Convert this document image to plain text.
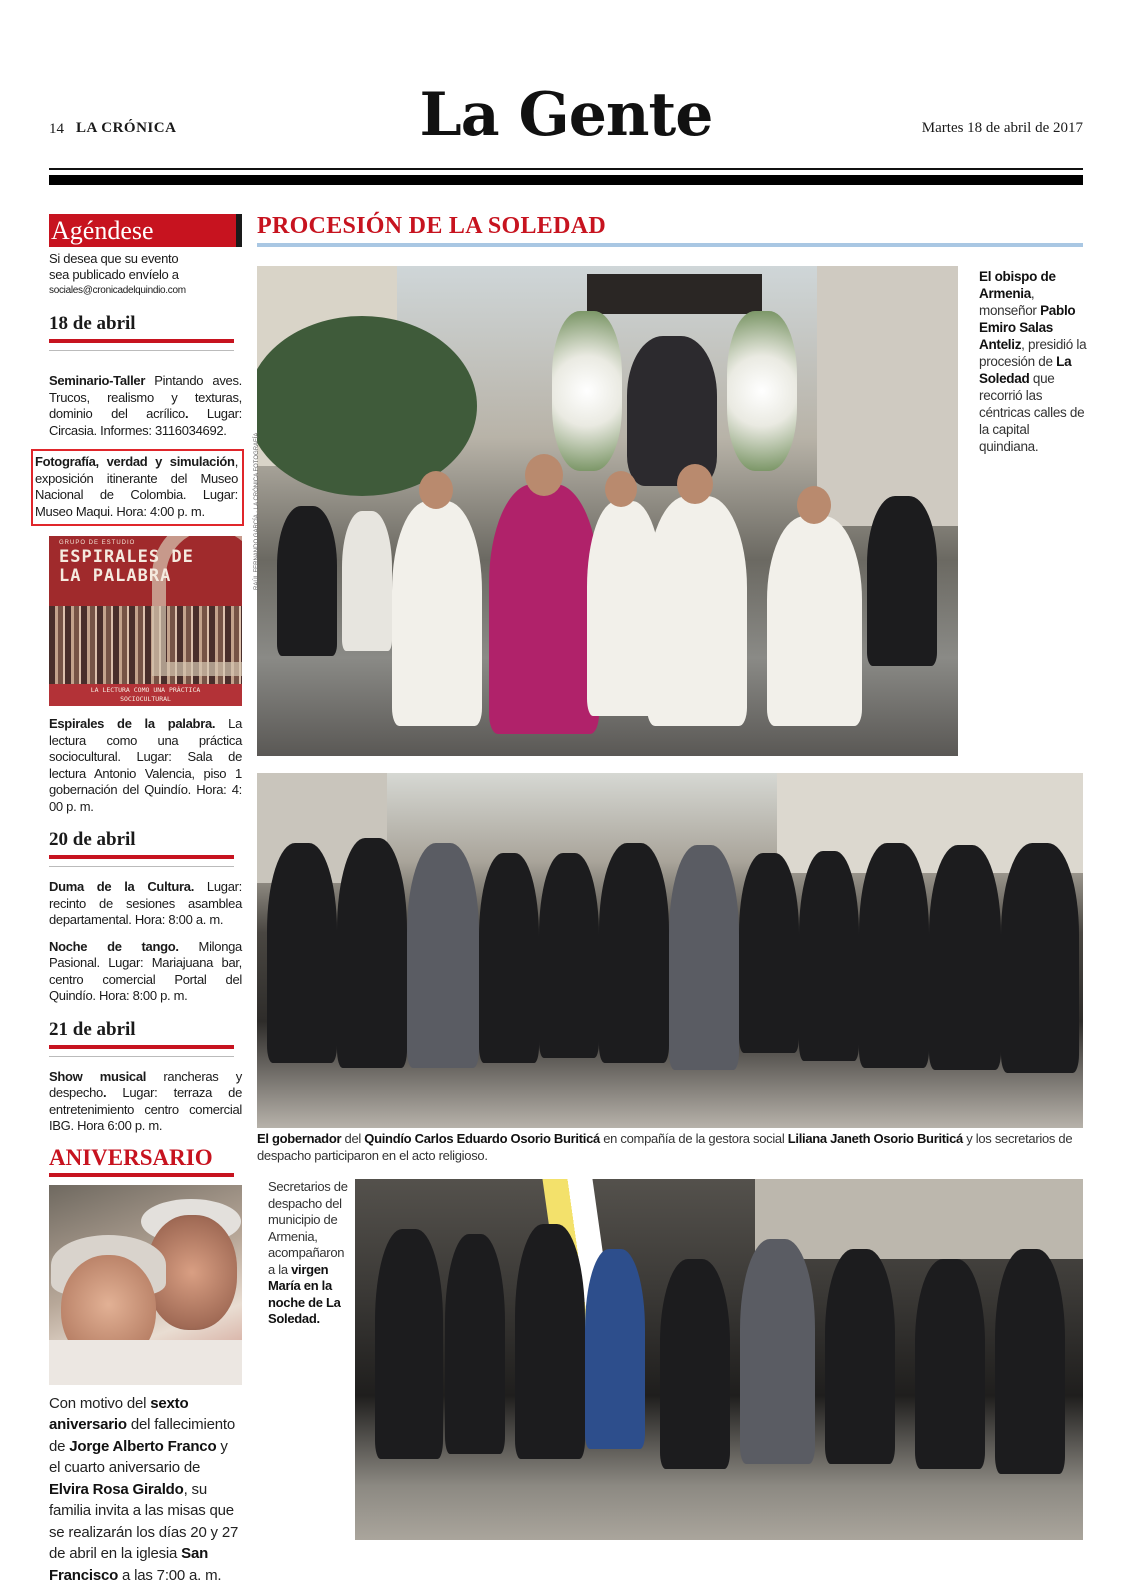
14 LA CRÓNICA	La Gente	Martes 18 de abril de 2017
Agéndese
Si desea que su evento
sea publicado envíelo a
sociales@cronicadelquindio.com
18 de abril

Seminario-Taller Pintando aves. Trucos, realismo y texturas, dominio del acrílico. Lugar: Circasia. Informes: 3116034692.

Fotografía, verdad y simulación, exposición itinerante del Museo Nacional de Colombia. Lugar: Museo Maqui. Hora: 4:00 p. m.

GRUPO DE ESTUDIO
ESPIRALES DE
LA PALABRA
LA LECTURA COMO UNA PRÁCTICA
SOCIOCULTURAL

Espirales de la palabra. La lectura como una práctica sociocultural. Lugar: Sala de lectura Antonio Valencia, piso 1 gobernación del Quindío. Hora: 4: 00 p. m.

20 de abril

Duma de la Cultura. Lugar: recinto de sesiones asamblea departamental. Hora: 8:00 a. m.

Noche de tango. Milonga Pasional. Lugar: Mariajuana bar, centro comercial Portal del Quindío. Hora: 8:00 p. m.

21 de abril

Show musical rancheras y despecho. Lugar: terraza de entretenimiento centro comercial IBG. Hora 6:00 p. m.

ANIVERSARIO

Con motivo del sexto aniversario del fallecimiento de Jorge Alberto Franco y el cuarto aniversario de Elvira Rosa Giraldo, su familia invita a las misas que se realizarán los días 20 y 27 de abril en la iglesia San Francisco a las 7:00 a. m.

PROCESIÓN DE LA SOLEDAD
RAÚL FERNANDO GARCÍA · LA CRÓNICA FOTOGRAFÍA
El obispo de Armenia, monseñor Pablo Emiro Salas Anteliz, presidió la procesión de La Soledad que recorrió las céntricas calles de la capital quindiana.
El gobernador del Quindío Carlos Eduardo Osorio Buriticá en compañía de la gestora social Liliana Janeth Osorio Buriticá y los secretarios de despacho participaron en el acto religioso.
Secretarios de despacho del municipio de Armenia, acompañaron a la virgen María en la noche de La Soledad.
